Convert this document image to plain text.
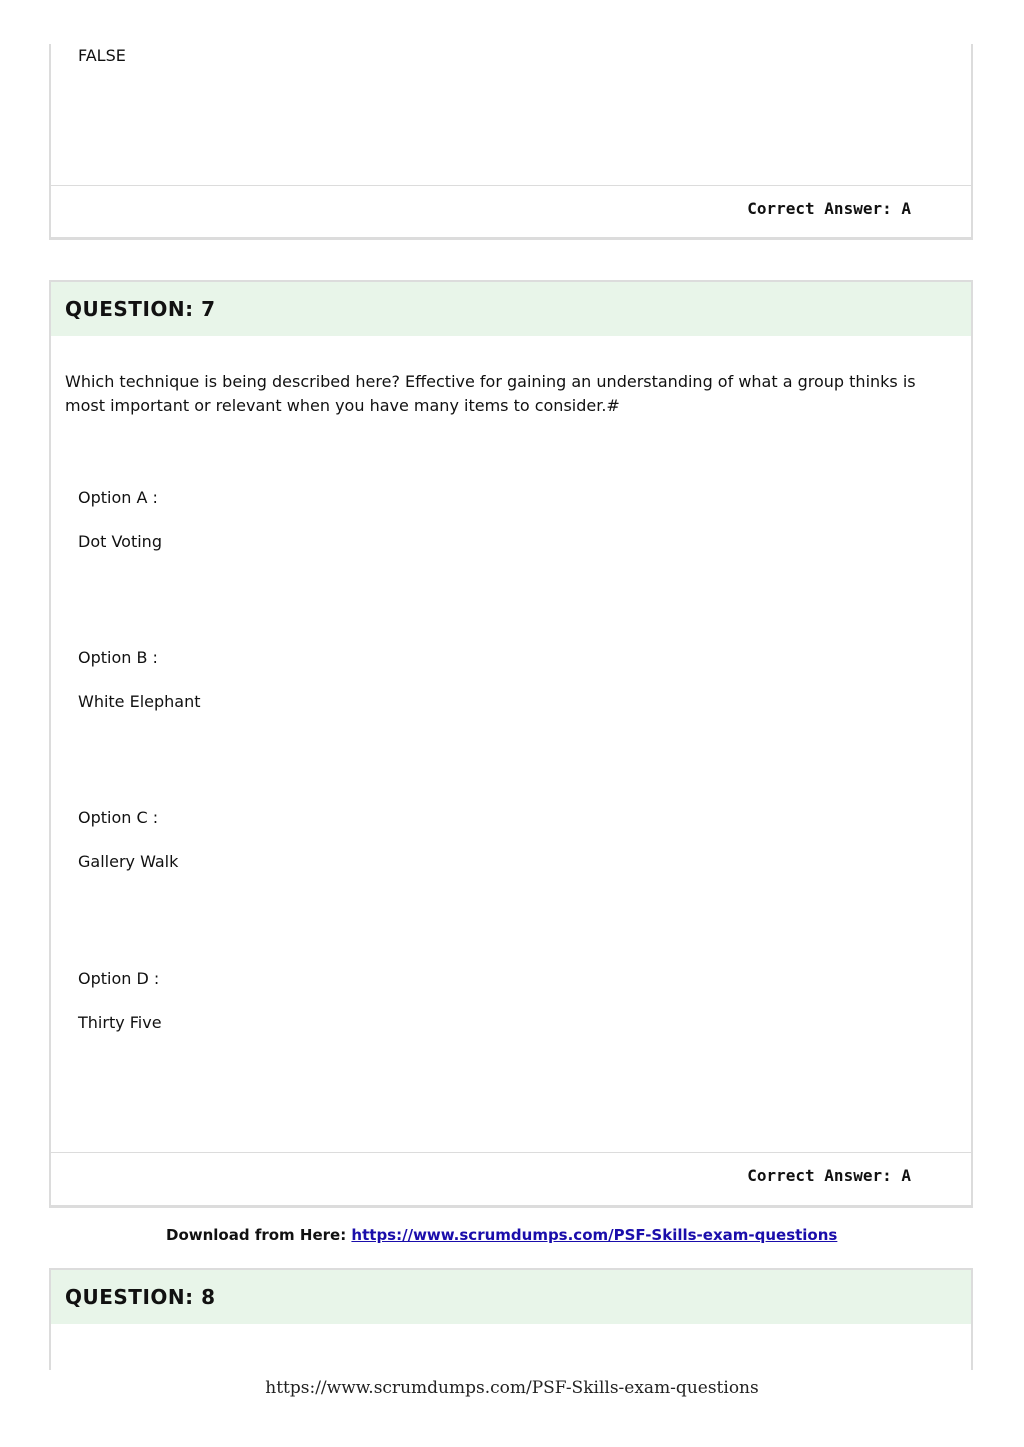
FALSE
Correct Answer: A
QUESTION: 7
Which technique is being described here? Effective for gaining an understanding of what a group thinks is most important or relevant when you have many items to consider.#
Option A :
Dot Voting
Option B :
White Elephant
Option C :
Gallery Walk
Option D :
Thirty Five
Correct Answer: A
Download from Here: https://www.scrumdumps.com/PSF-Skills-exam-questions
QUESTION: 8
https://www.scrumdumps.com/PSF-Skills-exam-questions
